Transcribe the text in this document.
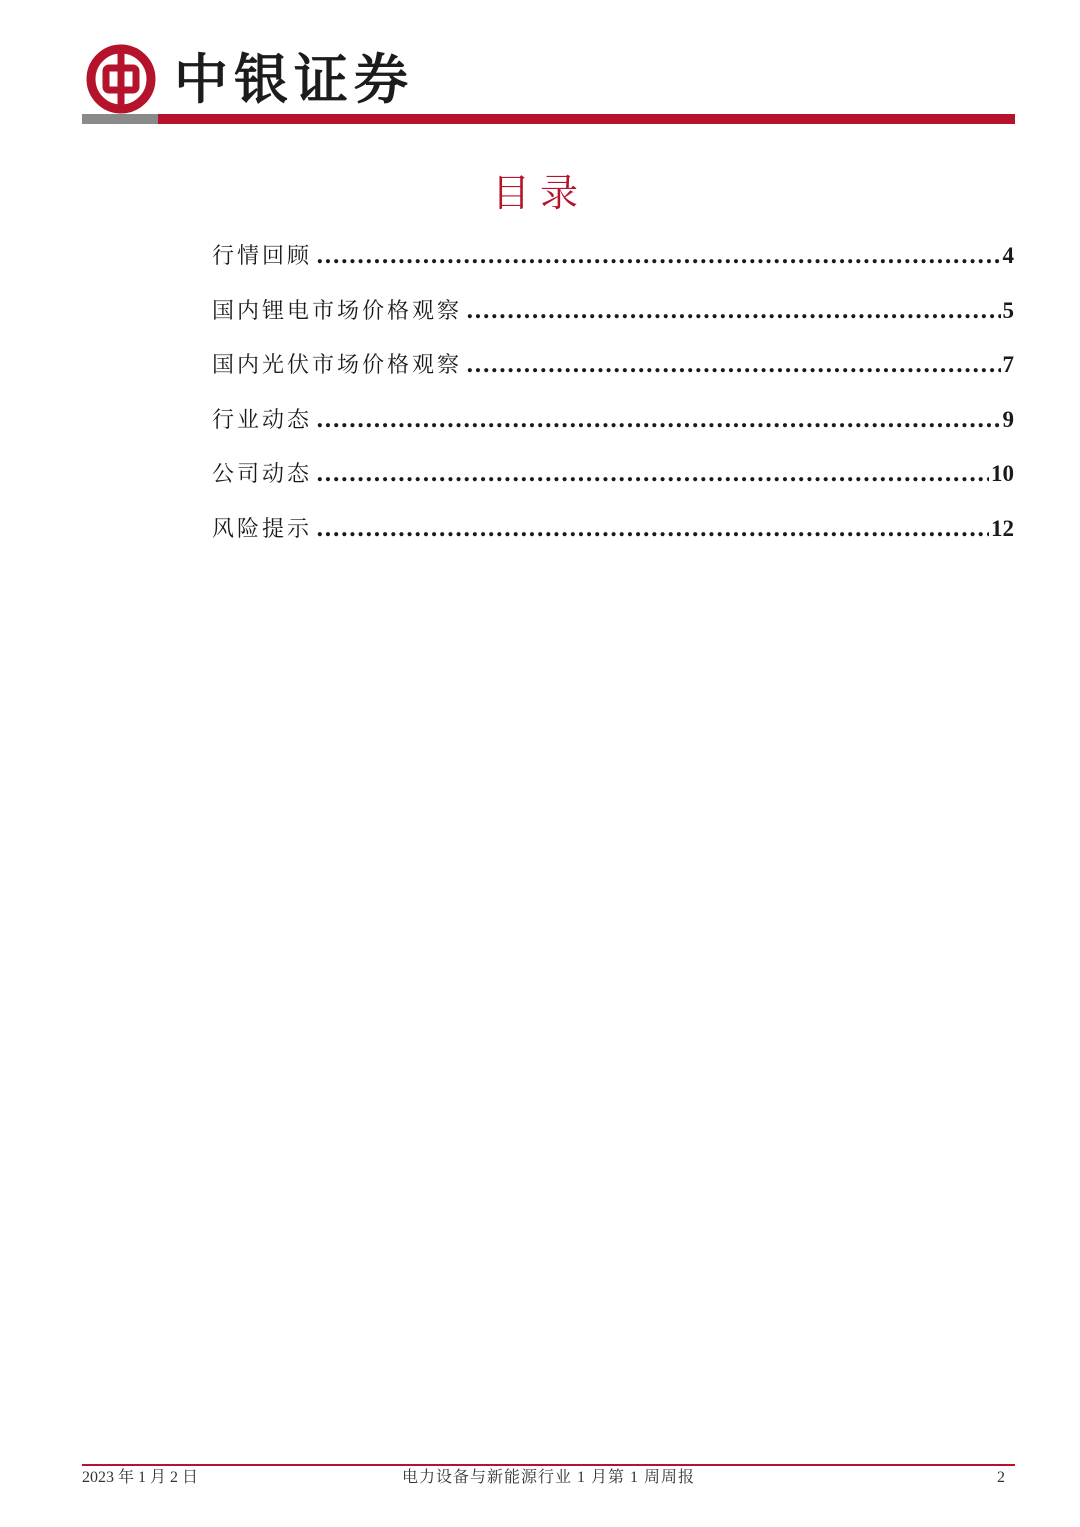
中银证券
目录
行情回顾 .....	4
国内锂电市场价格观察 .....	5
国内光伏市场价格观察 .....	7
行业动态 .....	9
公司动态 .....	10
风险提示 .....	12
2023 年 1 月 2 日	电力设备与新能源行业 1 月第 1 周周报	2
